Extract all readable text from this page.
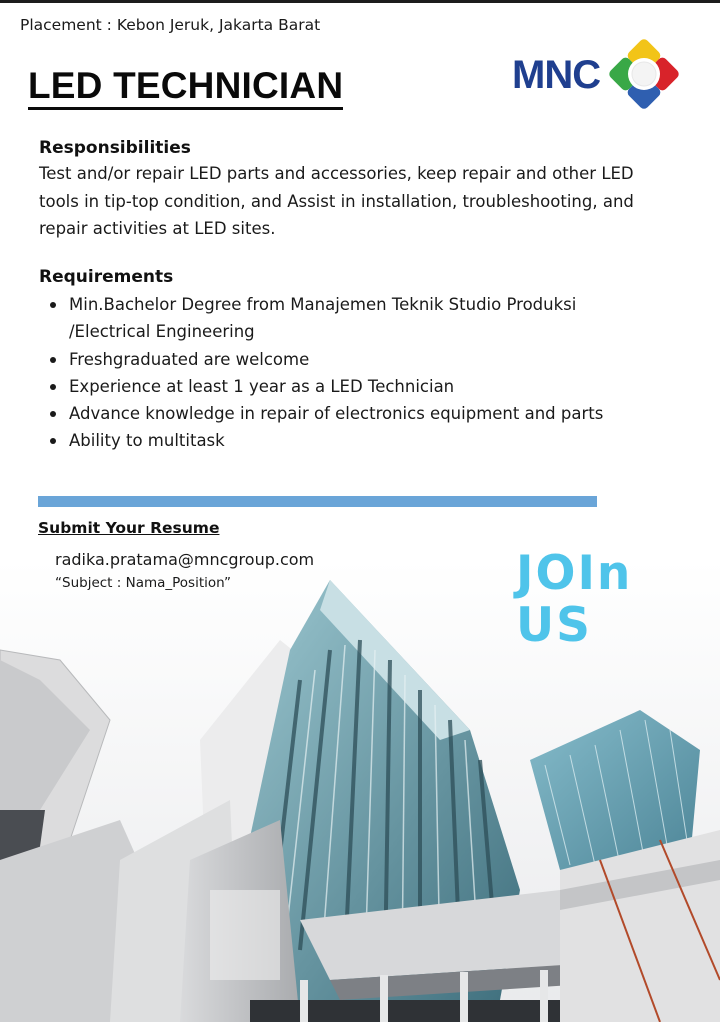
Placement : Kebon Jeruk, Jakarta Barat
LED TECHNICIAN	MNC
Responsibilities

Test and/or repair LED parts and accessories, keep repair and other LED
tools in tip-top condition, and Assist in installation, troubleshooting, and
repair activities at LED sites.

Requirements
Min.Bachelor Degree from Manajemen Teknik Studio Produksi
/Electrical Engineering
Freshgraduated are welcome
Experience at least 1 year as a LED Technician
Advance knowledge in repair of electronics equipment and parts
Ability to multitask
Submit Your Resume
radika.pratama@mncgroup.com
“Subject : Nama_Position”	JOIn
US
